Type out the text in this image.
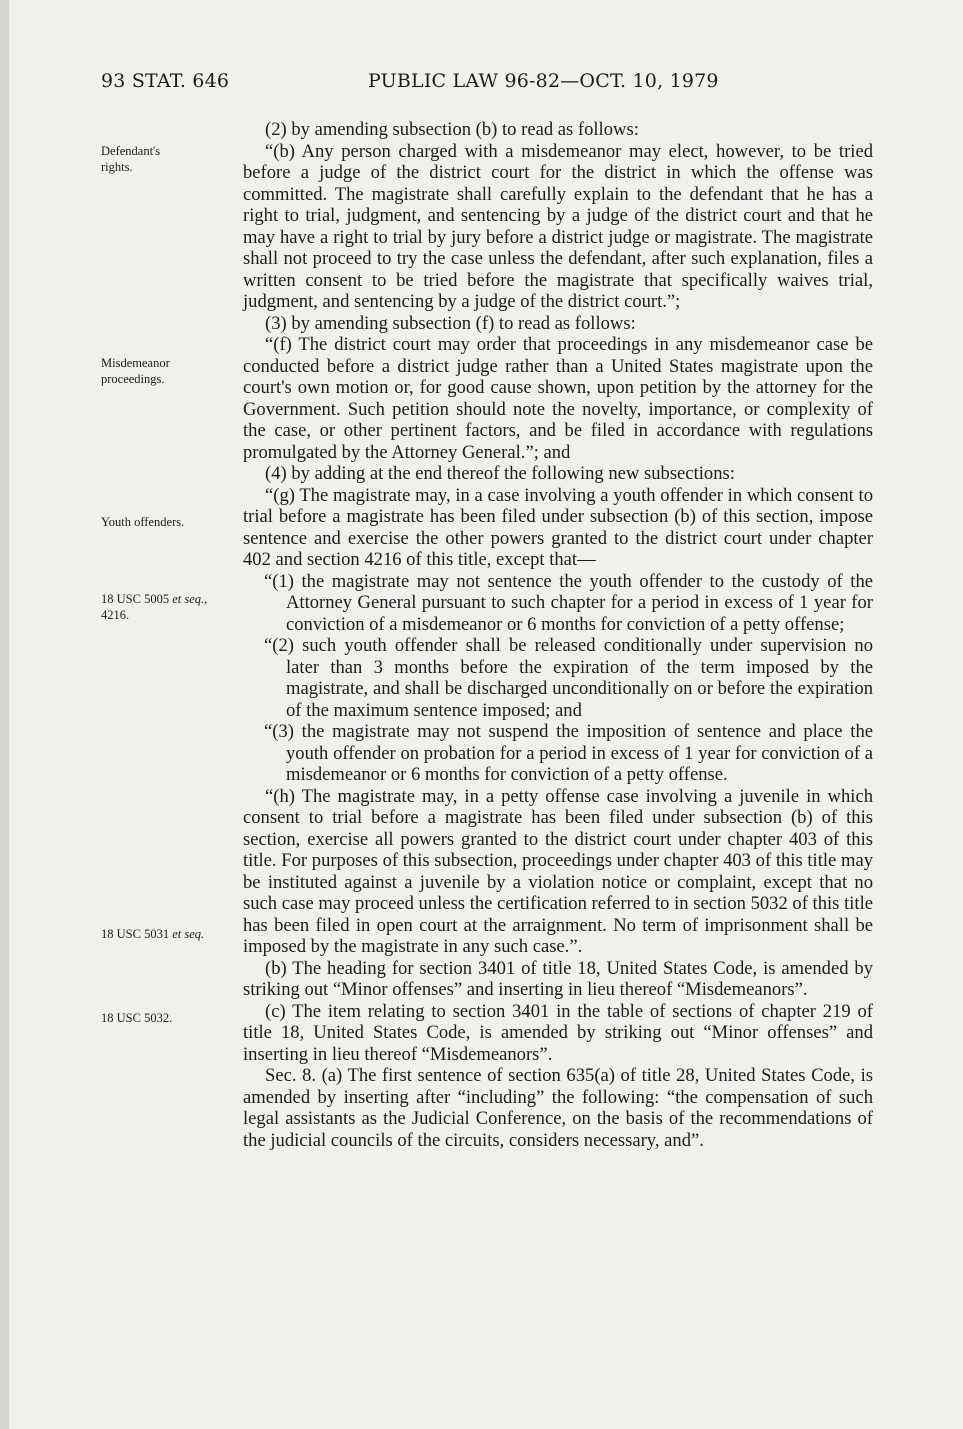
93 STAT. 646	PUBLIC LAW 96-82—OCT. 10, 1979
Defendant's
rights.
Misdemeanor
proceedings.
Youth offenders.
18 USC 5005 et seq., 4216.
18 USC 5031 et seq.
18 USC 5032.

(2) by amending subsection (b) to read as follows:

“(b) Any person charged with a misdemeanor may elect, however, to be tried before a judge of the district court for the district in which the offense was committed. The magistrate shall carefully explain to the defendant that he has a right to trial, judgment, and sentencing by a judge of the district court and that he may have a right to trial by jury before a district judge or magistrate. The magistrate shall not proceed to try the case unless the defendant, after such explanation, files a written consent to be tried before the magistrate that specifically waives trial, judgment, and sentencing by a judge of the district court.”;

(3) by amending subsection (f) to read as follows:

“(f) The district court may order that proceedings in any misdemeanor case be conducted before a district judge rather than a United States magistrate upon the court's own motion or, for good cause shown, upon petition by the attorney for the Government. Such petition should note the novelty, importance, or complexity of the case, or other pertinent factors, and be filed in accordance with regulations promulgated by the Attorney General.”; and

(4) by adding at the end thereof the following new subsections:

“(g) The magistrate may, in a case involving a youth offender in which consent to trial before a magistrate has been filed under subsection (b) of this section, impose sentence and exercise the other powers granted to the district court under chapter 402 and section 4216 of this title, except that—

“(1) the magistrate may not sentence the youth offender to the custody of the Attorney General pursuant to such chapter for a period in excess of 1 year for conviction of a misdemeanor or 6 months for conviction of a petty offense;

“(2) such youth offender shall be released conditionally under supervision no later than 3 months before the expiration of the term imposed by the magistrate, and shall be discharged unconditionally on or before the expiration of the maximum sentence imposed; and

“(3) the magistrate may not suspend the imposition of sentence and place the youth offender on probation for a period in excess of 1 year for conviction of a misdemeanor or 6 months for conviction of a petty offense.

“(h) The magistrate may, in a petty offense case involving a juvenile in which consent to trial before a magistrate has been filed under subsection (b) of this section, exercise all powers granted to the district court under chapter 403 of this title. For purposes of this subsection, proceedings under chapter 403 of this title may be instituted against a juvenile by a violation notice or complaint, except that no such case may proceed unless the certification referred to in section 5032 of this title has been filed in open court at the arraignment. No term of imprisonment shall be imposed by the magistrate in any such case.”.

(b) The heading for section 3401 of title 18, United States Code, is amended by striking out “Minor offenses” and inserting in lieu thereof “Misdemeanors”.

(c) The item relating to section 3401 in the table of sections of chapter 219 of title 18, United States Code, is amended by striking out “Minor offenses” and inserting in lieu thereof “Misdemeanors”.

Sec. 8. (a) The first sentence of section 635(a) of title 28, United States Code, is amended by inserting after “including” the following: “the compensation of such legal assistants as the Judicial Conference, on the basis of the recommendations of the judicial councils of the circuits, considers necessary, and”.
